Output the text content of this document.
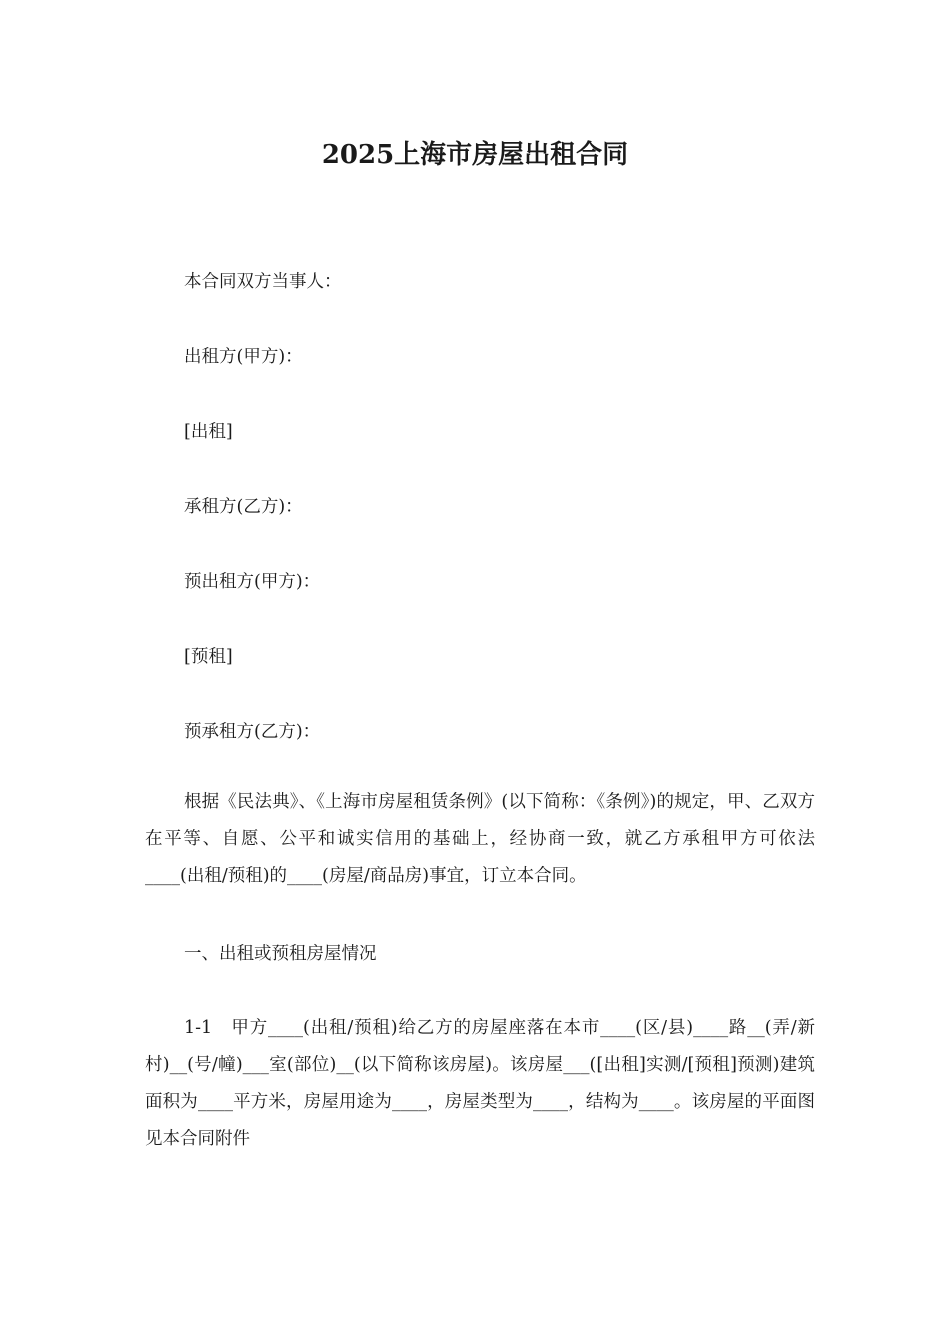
2025上海市房屋出租合同
本合同双方当事人：
出租方(甲方)：
[出租]
承租方(乙方)：
预出租方(甲方)：
[预租]
预承租方(乙方)：
根据《民法典》、《上海市房屋租赁条例》(以下简称：《条例》)的规定，甲、乙双方在平等、自愿、公平和诚实信用的基础上，经协商一致，就乙方承租甲方可依法____(出租/预租)的____(房屋/商品房)事宜，订立本合同。
一、出租或预租房屋情况
1-1　甲方____(出租/预租)给乙方的房屋座落在本市____(区/县)____路__(弄/新村)__(号/幢)___室(部位)__(以下简称该房屋)。该房屋___([出租]实测/[预租]预测)建筑面积为____平方米，房屋用途为____，房屋类型为____，结构为____。该房屋的平面图见本合同附件
